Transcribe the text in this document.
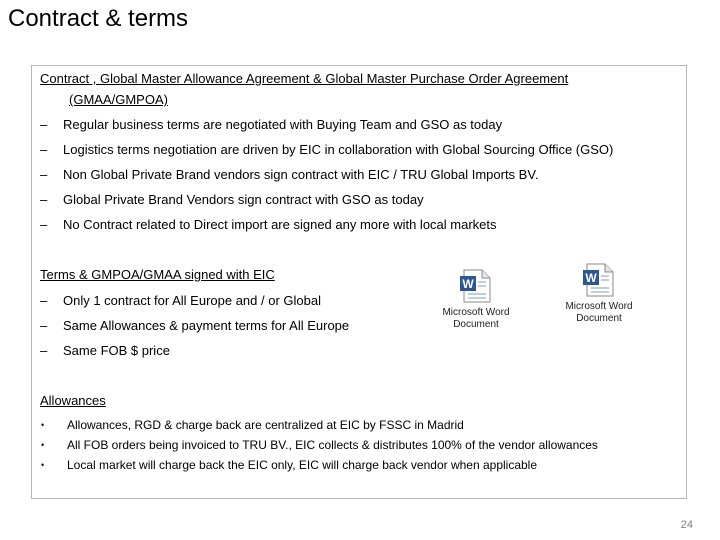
Contract & terms
Contract , Global Master Allowance Agreement & Global Master Purchase Order Agreement
(GMAA/GMPOA)
– Regular business terms are negotiated with Buying Team and GSO as today
– Logistics terms negotiation are driven by EIC in collaboration with Global Sourcing Office (GSO)
– Non Global Private Brand vendors sign contract with EIC / TRU Global Imports BV.
– Global Private Brand Vendors sign contract with GSO as today
– No Contract related to Direct import are signed any more with local markets
Terms & GMPOA/GMAA signed with EIC
– Only 1 contract for All Europe and / or Global
– Same Allowances & payment terms for All Europe
– Same FOB $ price
W
Microsoft Word
Document
W
Microsoft Word
Document
Allowances
• Allowances, RGD & charge back are centralized at EIC by FSSC in Madrid
• All FOB orders being invoiced to TRU BV., EIC collects & distributes 100% of the vendor allowances
• Local market will charge back the EIC only, EIC will charge back vendor when applicable
24
